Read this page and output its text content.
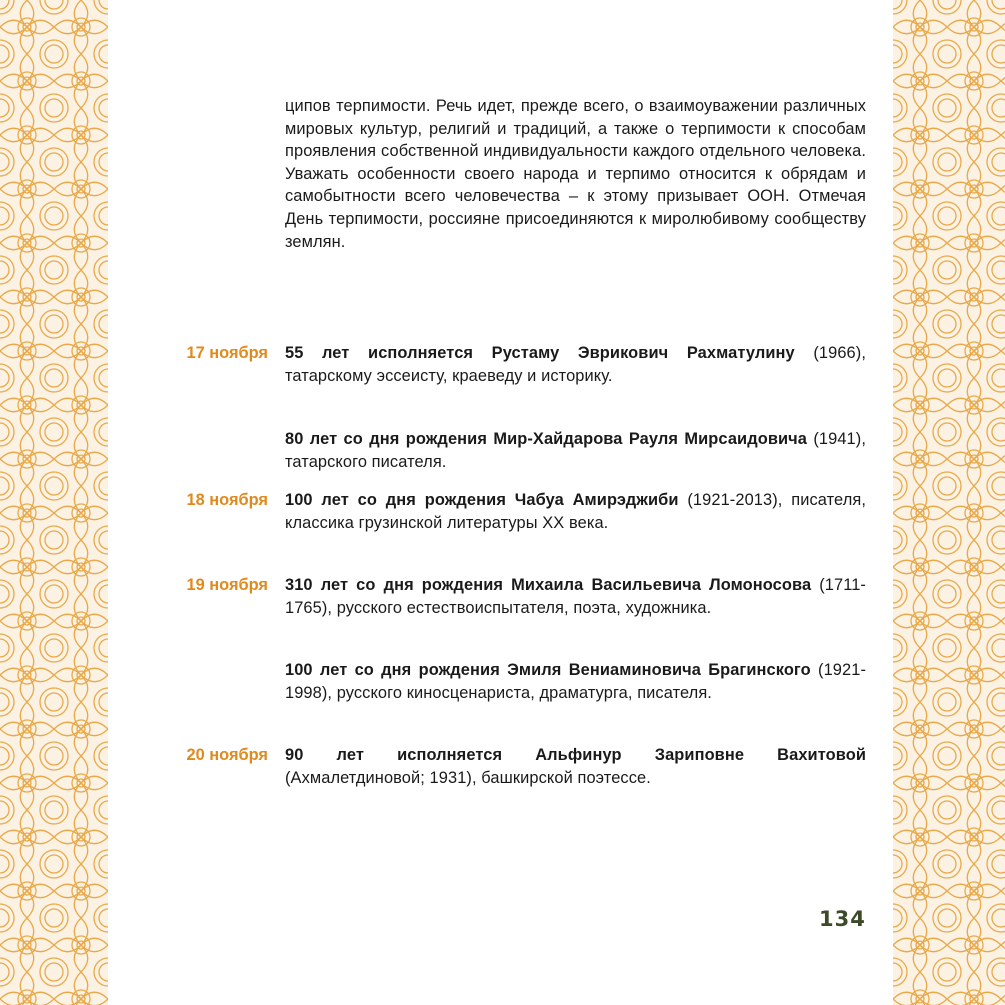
ципов терпимости. Речь идет, прежде всего, о взаимоуважении различных мировых культур, религий и традиций, а также о терпимости к способам проявления собственной индивидуальности каждого отдельного человека. Уважать особенности своего народа и терпимо относится к обрядам и самобытности всего человечества – к этому призывает ООН. Отмечая День терпимости, россияне присоединяются к миролюбивому сообществу землян.

17 ноября 55 лет исполняется Рустаму Эврикович Рахматулину (1966), татарскому эссеисту, краеведу и историку.
80 лет со дня рождения Мир-Хайдарова Рауля Мирсаидовича (1941), татарского писателя.
18 ноября 100 лет со дня рождения Чабуа Амирэджиби (1921-2013), писателя, классика грузинской литературы XX века.
19 ноября 310 лет со дня рождения Михаила Васильевича Ломоносова (1711-1765), русского естествоиспытателя, поэта, художника.
100 лет со дня рождения Эмиля Вениаминовича Брагинского (1921-1998), русского киносценариста, драматурга, писателя.
20 ноября 90 лет исполняется Альфинур Зариповне Вахитовой (Ахмалетдиновой; 1931), башкирской поэтессе.
134
